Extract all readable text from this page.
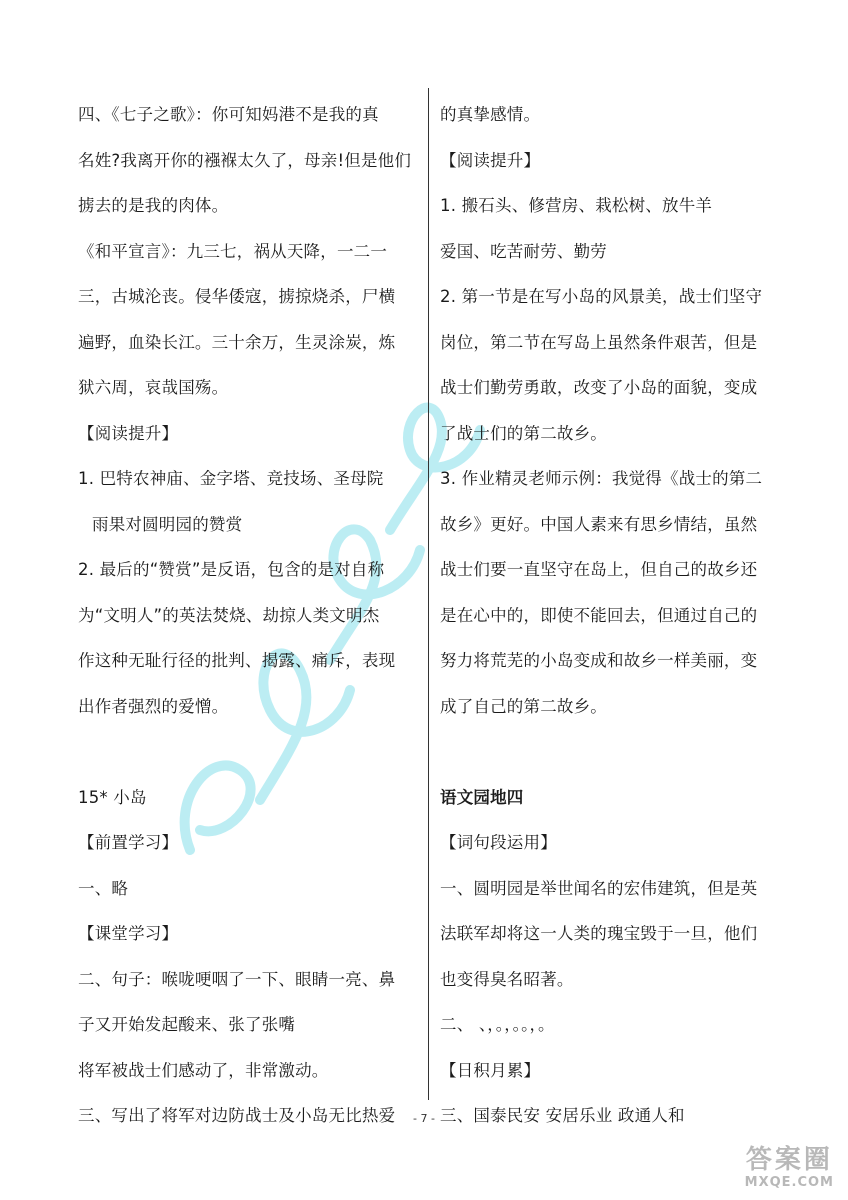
作业精灵

四、《七子之歌》：你可知妈港不是我的真

名姓?我离开你的襁褓太久了，母亲!但是他们

掳去的是我的肉体。

《和平宣言》：九三七，祸从天降，一二一

三，古城沦丧。侵华倭寇，掳掠烧杀，尸横

遍野，血染长江。三十余万，生灵涂炭，炼

狱六周，哀哉国殇。

【阅读提升】

1. 巴特农神庙、金字塔、竞技场、圣母院

雨果对圆明园的赞赏

2. 最后的“赞赏”是反语，包含的是对自称

为“文明人”的英法焚烧、劫掠人类文明杰

作这种无耻行径的批判、揭露、痛斥，表现

出作者强烈的爱憎。

15* 小岛

【前置学习】

一、略

【课堂学习】

二、句子：喉咙哽咽了一下、眼睛一亮、鼻

子又开始发起酸来、张了张嘴

将军被战士们感动了，非常激动。

三、写出了将军对边防战士及小岛无比热爱

的真挚感情。

【阅读提升】

1. 搬石头、修营房、栽松树、放牛羊

爱国、吃苦耐劳、勤劳

2. 第一节是在写小岛的风景美，战士们坚守

岗位，第二节在写岛上虽然条件艰苦，但是

战士们勤劳勇敢，改变了小岛的面貌，变成

了战士们的第二故乡。

3. 作业精灵老师示例：我觉得《战士的第二

故乡》更好。中国人素来有思乡情结，虽然

战士们要一直坚守在岛上，但自己的故乡还

是在心中的，即使不能回去，但通过自己的

努力将荒芜的小岛变成和故乡一样美丽，变

成了自己的第二故乡。

语文园地四

【词句段运用】

一、圆明园是举世闻名的宏伟建筑，但是英

法联军却将这一人类的瑰宝毁于一旦，他们

也变得臭名昭著。

二、 、，。，。。，。

【日积月累】

三、国泰民安 安居乐业 政通人和

- 7 -
答案圈
MXQE.COM
